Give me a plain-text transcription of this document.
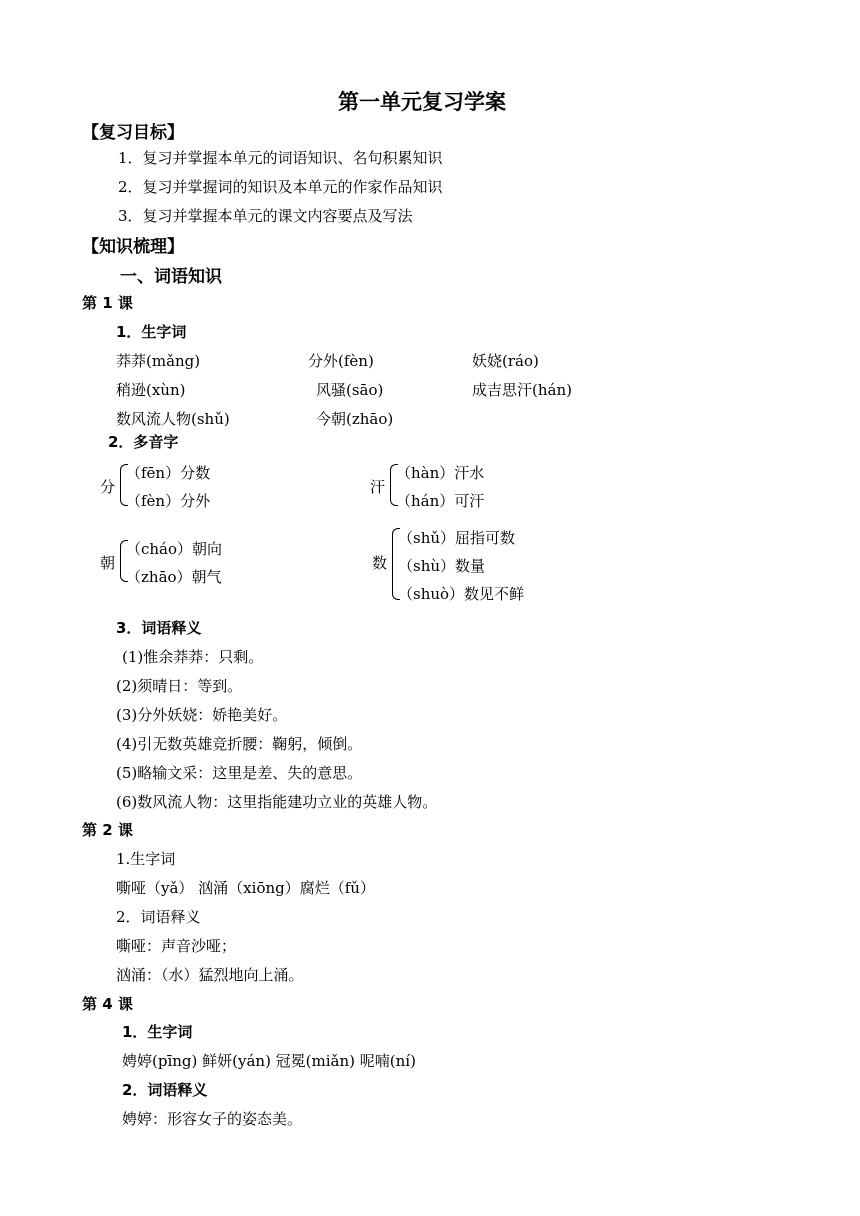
第一单元复习学案
【复习目标】
1．复习并掌握本单元的词语知识、名句积累知识
2．复习并掌握词的知识及本单元的作家作品知识
3．复习并掌握本单元的课文内容要点及写法
【知识梳理】
一、词语知识
第 1 课
1．生字词
莽莽(mǎng)	分外(fèn)	妖娆(ráo)
稍逊(xùn)	风骚(sāo)	成吉思汗(hán)
数风流人物(shǔ)	今朝(zhāo)
2．多音字
分
（fēn）分数
（fèn）分外
汗
（hàn）汗水
（hán）可汗
朝
（cháo）朝向
（zhāo）朝气
数
（shǔ）屈指可数
（shù）数量
（shuò）数见不鲜
3．词语释义
(1)惟余莽莽：只剩。
(2)须晴日：等到。
(3)分外妖娆：娇艳美好。
(4)引无数英雄竞折腰：鞠躬，倾倒。
(5)略输文采：这里是差、失的意思。
(6)数风流人物：这里指能建功立业的英雄人物。
第 2 课
1.生字词
嘶哑（yǎ） 汹涌（xiōng）腐烂（fǔ）
2．词语释义
嘶哑：声音沙哑；
汹涌：（水）猛烈地向上涌。
第 4 课
1．生字词
娉婷(pīng) 鲜妍(yán) 冠冕(miǎn) 呢喃(ní)
2．词语释义
娉婷：形容女子的姿态美。
